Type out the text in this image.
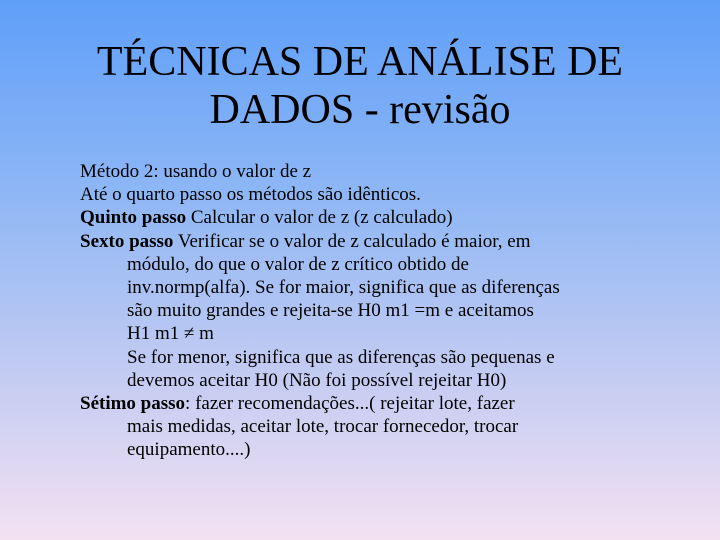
TÉCNICAS DE ANÁLISE DE
DADOS - revisão
Método 2: usando o valor de z
Até o quarto passo os métodos são idênticos.
Quinto passo Calcular o valor de z (z calculado)
Sexto passo Verificar se o valor de z calculado é maior, em
módulo, do que o valor de z crítico obtido de
inv.normp(alfa). Se for maior, significa que as diferenças
são muito grandes e rejeita-se H0 m1 =m e aceitamos
H1 m1 ≠ m
Se for menor, significa que as diferenças são pequenas e
devemos aceitar H0 (Não foi possível rejeitar H0)
Sétimo passo: fazer recomendações...( rejeitar lote, fazer
mais medidas, aceitar lote, trocar fornecedor, trocar
equipamento....)
